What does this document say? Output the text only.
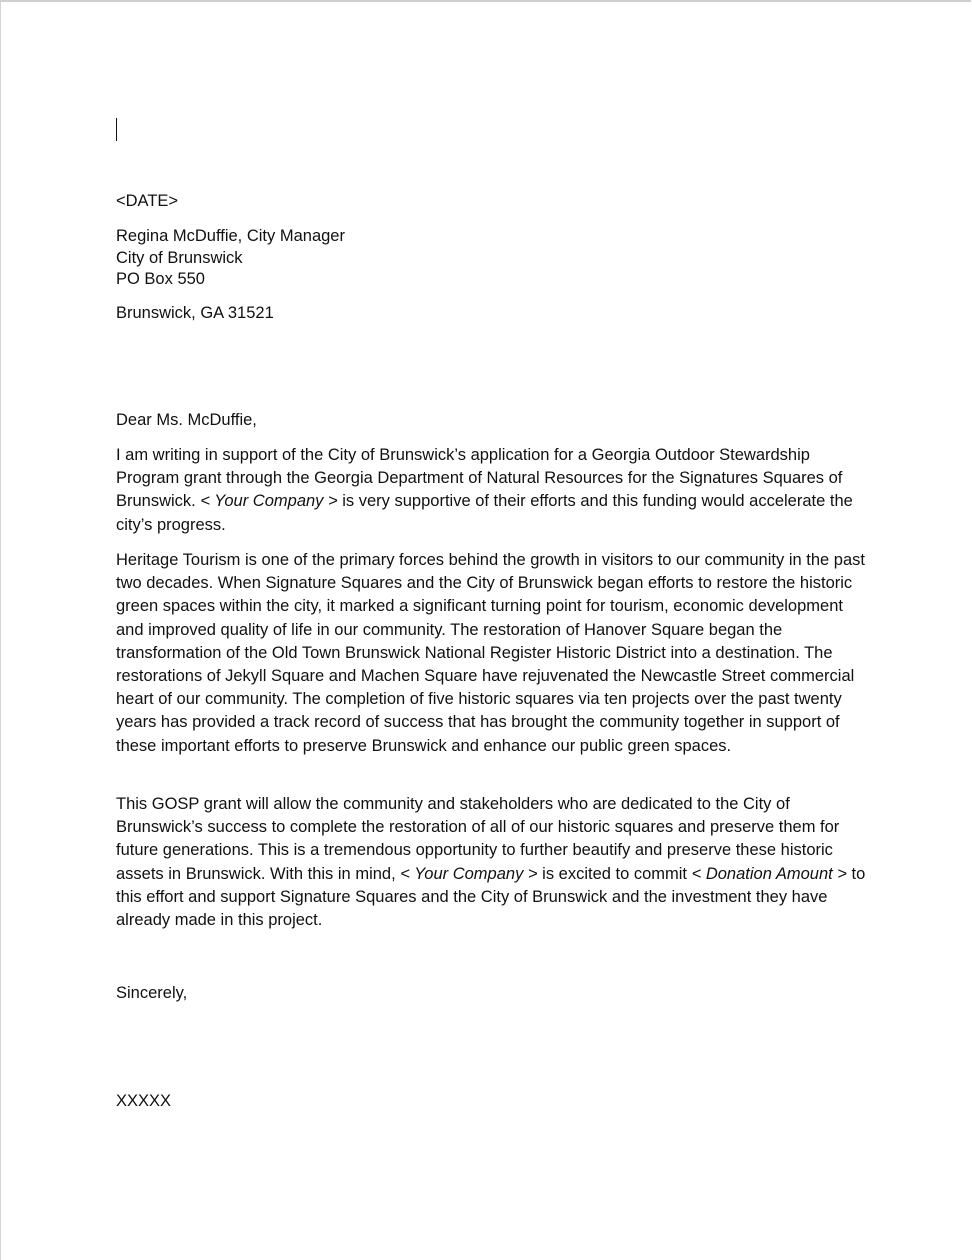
<DATE>
Regina McDuffie, City Manager
City of Brunswick
PO Box 550
Brunswick, GA 31521
Dear Ms. McDuffie,

I am writing in support of the City of Brunswick’s application for a Georgia Outdoor Stewardship Program grant through the Georgia Department of Natural Resources for the Signatures Squares of Brunswick. < Your Company > is very supportive of their efforts and this funding would accelerate the city’s progress.

Heritage Tourism is one of the primary forces behind the growth in visitors to our community in the past two decades. When Signature Squares and the City of Brunswick began efforts to restore the historic green spaces within the city, it marked a significant turning point for tourism, economic development and improved quality of life in our community. The restoration of Hanover Square began the transformation of the Old Town Brunswick National Register Historic District into a destination. The restorations of Jekyll Square and Machen Square have rejuvenated the Newcastle Street commercial heart of our community. The completion of five historic squares via ten projects over the past twenty years has provided a track record of success that has brought the community together in support of these important efforts to preserve Brunswick and enhance our public green spaces.

This GOSP grant will allow the community and stakeholders who are dedicated to the City of Brunswick’s success to complete the restoration of all of our historic squares and preserve them for future generations. This is a tremendous opportunity to further beautify and preserve these historic assets in Brunswick. With this in mind, < Your Company > is excited to commit < Donation Amount > to this effort and support Signature Squares and the City of Brunswick and the investment they have already made in this project.

Sincerely,
XXXXX
